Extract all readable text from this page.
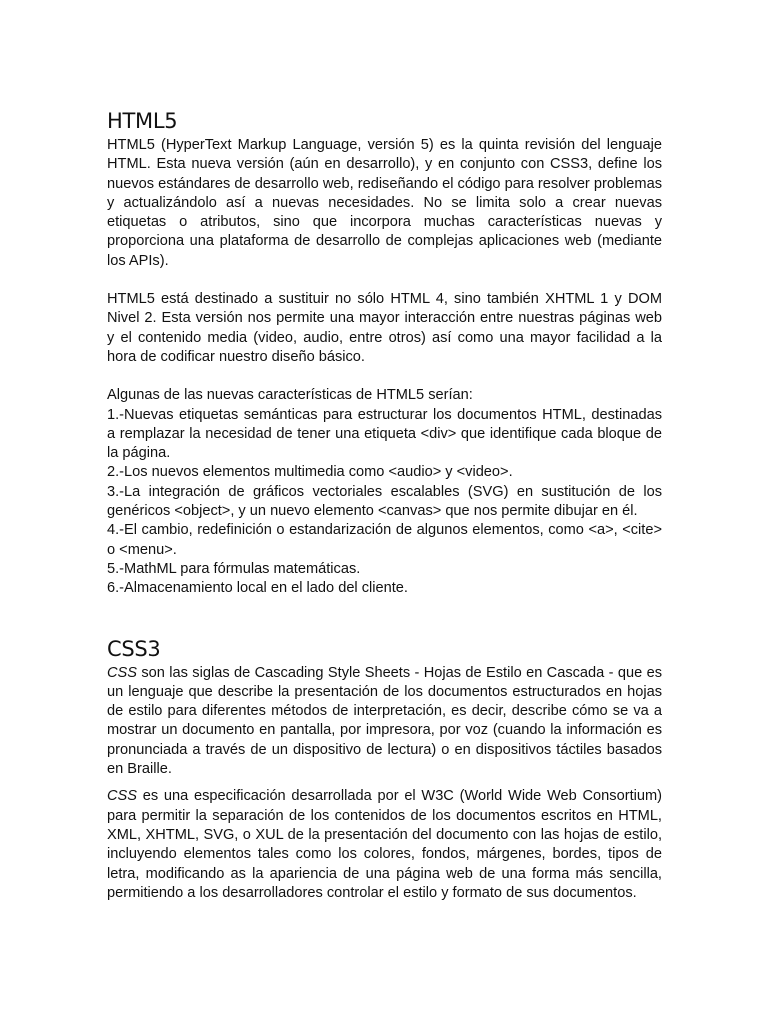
HTML5

HTML5 (HyperText Markup Language, versión 5) es la quinta revisión del lenguaje HTML. Esta nueva versión (aún en desarrollo), y en conjunto con CSS3, define los nuevos estándares de desarrollo web, rediseñando el código para resolver problemas y actualizándolo así a nuevas necesidades. No se limita solo a crear nuevas etiquetas o atributos, sino que incorpora muchas características nuevas y proporciona una plataforma de desarrollo de complejas aplicaciones web (mediante los APIs).

HTML5 está destinado a sustituir no sólo HTML 4, sino también XHTML 1 y DOM Nivel 2. Esta versión nos permite una mayor interacción entre nuestras páginas web y el contenido media (video, audio, entre otros) así como una mayor facilidad a la hora de codificar nuestro diseño básico.

Algunas de las nuevas características de HTML5 serían:

1.-Nuevas etiquetas semánticas para estructurar los documentos HTML, destinadas a remplazar la necesidad de tener una etiqueta <div> que identifique cada bloque de la página.
2.-Los nuevos elementos multimedia como <audio> y <video>.
3.-La integración de gráficos vectoriales escalables (SVG) en sustitución de los genéricos <object>, y un nuevo elemento <canvas> que nos permite dibujar en él.
4.-El cambio, redefinición o estandarización de algunos elementos, como <a>, <cite> o <menu>.
5.-MathML para fórmulas matemáticas.
6.-Almacenamiento local en el lado del cliente.
CSS3

CSS son las siglas de Cascading Style Sheets - Hojas de Estilo en Cascada - que es un lenguaje que describe la presentación de los documentos estructurados en hojas de estilo para diferentes métodos de interpretación, es decir, describe cómo se va a mostrar un documento en pantalla, por impresora, por voz (cuando la información es pronunciada a través de un dispositivo de lectura) o en dispositivos táctiles basados en Braille.

CSS es una especificación desarrollada por el W3C (World Wide Web Consortium) para permitir la separación de los contenidos de los documentos escritos en HTML, XML, XHTML, SVG, o XUL de la presentación del documento con las hojas de estilo, incluyendo elementos tales como los colores, fondos, márgenes, bordes, tipos de letra, modificando as la apariencia de una página web de una forma más sencilla, permitiendo a los desarrolladores controlar el estilo y formato de sus documentos.
